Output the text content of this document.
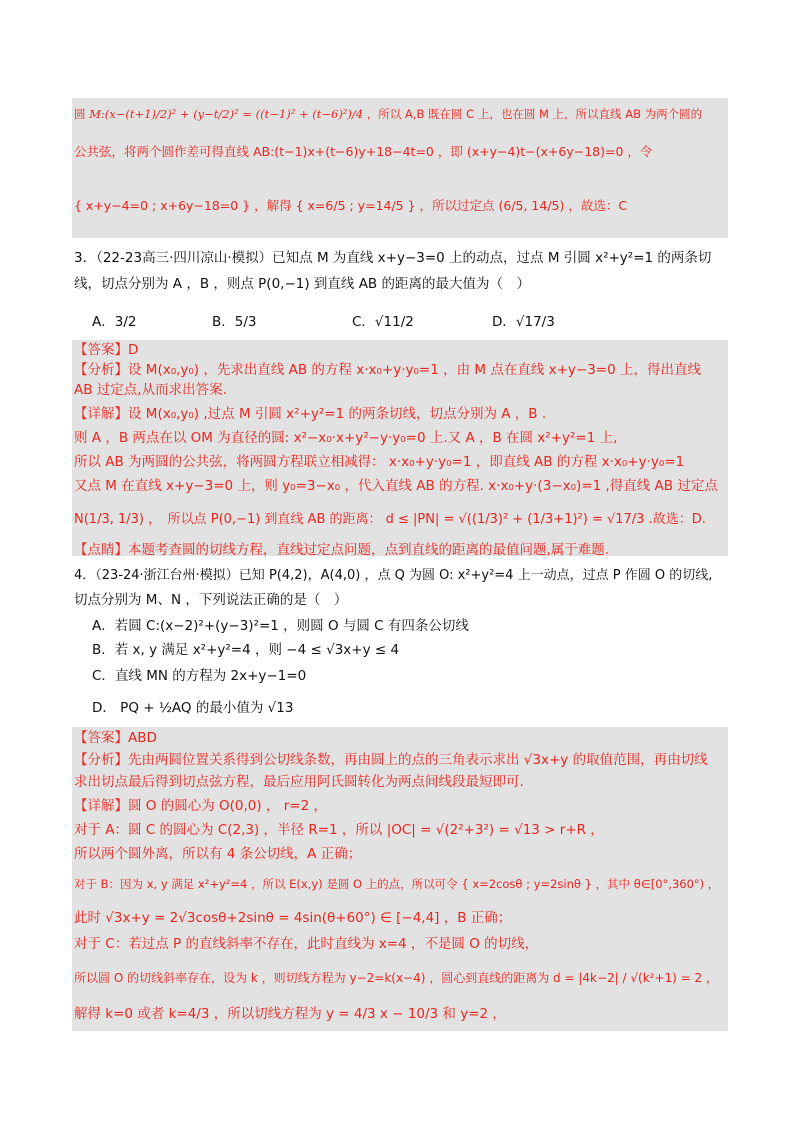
圆 M:(x−(t+1)/2)² + (y−t/2)² = ((t−1)² + (t−6)²)/4 ，所以 A,B 既在圆 C 上，也在圆 M 上，所以直线 AB 为两个圆的
公共弦，将两个圆作差可得直线 AB:(t−1)x+(t−6)y+18−4t=0 ，即 (x+y−4)t−(x+6y−18)=0 ，令
{ x+y−4=0 ; x+6y−18=0 } ，解得 { x=6/5 ; y=14/5 } ，所以过定点 (6/5, 14/5) ，故选：C
3．（22-23高三·四川凉山·模拟）已知点 M 为直线 x+y−3=0 上的动点，过点 M 引圆 x²+y²=1 的两条切
线，切点分别为 A ，B ，则点 P(0,−1) 到直线 AB 的距离的最大值为（　）
A．3/2	B．5/3	C．√11/2	D．√17/3
【答案】D
【分析】设 M(x₀,y₀) ，先求出直线 AB 的方程 x·x₀+y·y₀=1 ，由 M 点在直线 x+y−3=0 上，得出直线
AB 过定点,从而求出答案.
【详解】设 M(x₀,y₀) ,过点 M 引圆 x²+y²=1 的两条切线，切点分别为 A ，B .
则 A ，B 两点在以 OM 为直径的圆: x²−x₀·x+y²−y·y₀=0 上.又 A ，B 在圆 x²+y²=1 上,
所以 AB 为两圆的公共弦，将两圆方程联立相减得： x·x₀+y·y₀=1 ，即直线 AB 的方程 x·x₀+y·y₀=1
又点 M 在直线 x+y−3=0 上，则 y₀=3−x₀ ，代入直线 AB 的方程. x·x₀+y·(3−x₀)=1 ,得直线 AB 过定点
N(1/3, 1/3) ，　所以点 P(0,−1) 到直线 AB 的距离： d ≤ |PN| = √((1/3)² + (1/3+1)²) = √17/3 .故选：D.
【点睛】本题考查圆的切线方程，直线过定点问题，点到直线的距离的最值问题,属于难题.
4．（23-24·浙江台州·模拟）已知 P(4,2)，A(4,0) ，点 Q 为圆 O: x²+y²=4 上一动点，过点 P 作圆 O 的切线,
切点分别为 M、N ，下列说法正确的是（　）
A．若圆 C:(x−2)²+(y−3)²=1 ，则圆 O 与圆 C 有四条公切线
B．若 x, y 满足 x²+y²=4 ，则 −4 ≤ √3x+y ≤ 4
C．直线 MN 的方程为 2x+y−1=0
D． PQ + ½AQ 的最小值为 √13
【答案】ABD
【分析】先由两圆位置关系得到公切线条数，再由圆上的点的三角表示求出 √3x+y 的取值范围，再由切线
求出切点最后得到切点弦方程，最后应用阿氏圆转化为两点间线段最短即可.
【详解】圆 O 的圆心为 O(0,0) ， r=2 ，
对于 A：圆 C 的圆心为 C(2,3) ，半径 R=1 ，所以 |OC| = √(2²+3²) = √13 > r+R ，
所以两个圆外离，所以有 4 条公切线，A 正确；
对于 B：因为 x, y 满足 x²+y²=4 ，所以 E(x,y) 是圆 O 上的点，所以可令 { x=2cosθ ; y=2sinθ } ，其中 θ∈[0°,360°) ，
此时 √3x+y = 2√3cosθ+2sinθ = 4sin(θ+60°) ∈ [−4,4] ，B 正确；
对于 C：若过点 P 的直线斜率不存在，此时直线为 x=4 ，不是圆 O 的切线，
所以圆 O 的切线斜率存在，设为 k ，则切线方程为 y−2=k(x−4) ，圆心到直线的距离为 d = |4k−2| / √(k²+1) = 2 ，
解得 k=0 或者 k=4/3 ，所以切线方程为 y = 4/3 x − 10/3 和 y=2 ，
